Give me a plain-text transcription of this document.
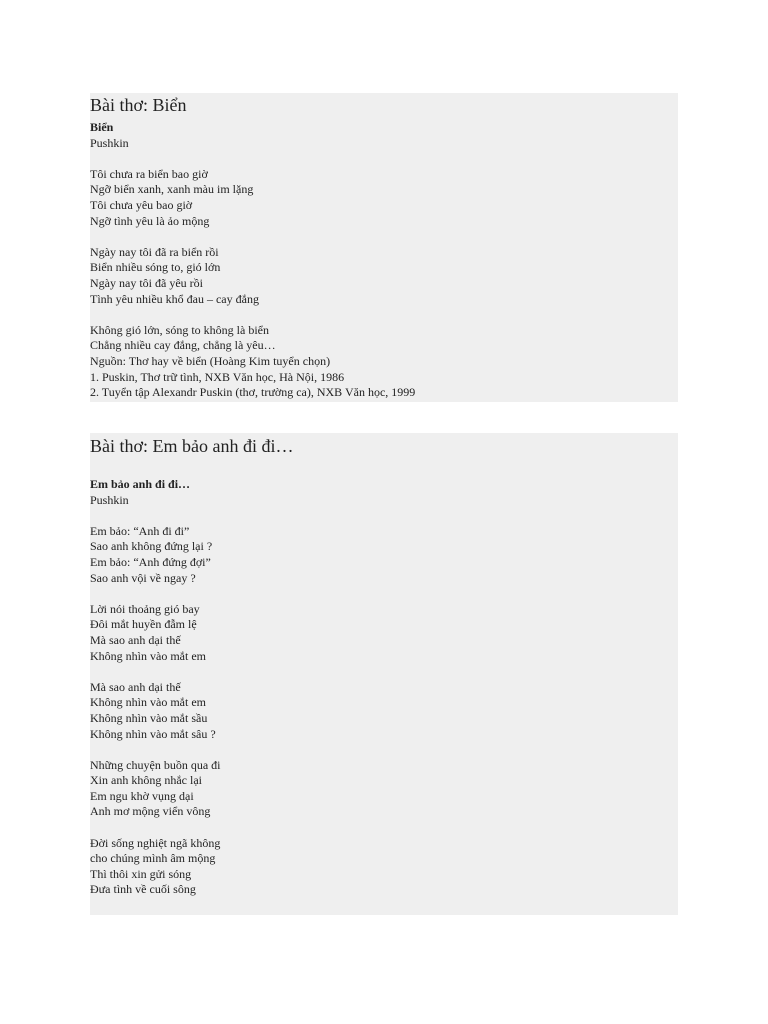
Bài thơ: Biển
Biển
Pushkin
Tôi chưa ra biển bao giờ
Ngỡ biển xanh, xanh màu im lặng
Tôi chưa yêu bao giờ
Ngỡ tình yêu là ảo mộng
Ngày nay tôi đã ra biển rồi
Biển nhiều sóng to, gió lớn
Ngày nay tôi đã yêu rồi
Tình yêu nhiều khổ đau – cay đắng
Không gió lớn, sóng to không là biển
Chẳng nhiều cay đắng, chẳng là yêu…
Nguồn: Thơ hay về biển (Hoàng Kim tuyển chọn)
1. Puskin, Thơ trữ tình, NXB Văn học, Hà Nội, 1986
2. Tuyển tập Alexandr Puskin (thơ, trường ca), NXB Văn học, 1999
Bài thơ: Em bảo anh đi đi…
Em bảo anh đi đi…
Pushkin
Em bảo: “Anh đi đi”
Sao anh không đứng lại ?
Em bảo: “Anh đứng đợi”
Sao anh vội về ngay ?
Lời nói thoảng gió bay
Đôi mắt huyền đẫm lệ
Mà sao anh dại thế
Không nhìn vào mắt em
Mà sao anh dại thế
Không nhìn vào mắt em
Không nhìn vào mắt sầu
Không nhìn vào mắt sâu ?
Những chuyện buồn qua đi
Xin anh không nhắc lại
Em ngu khờ vụng dại
Anh mơ mộng viển vông
Đời sống nghiệt ngã không
cho chúng mình âm mộng
Thì thôi xin gửi sóng
Đưa tình về cuối sông
